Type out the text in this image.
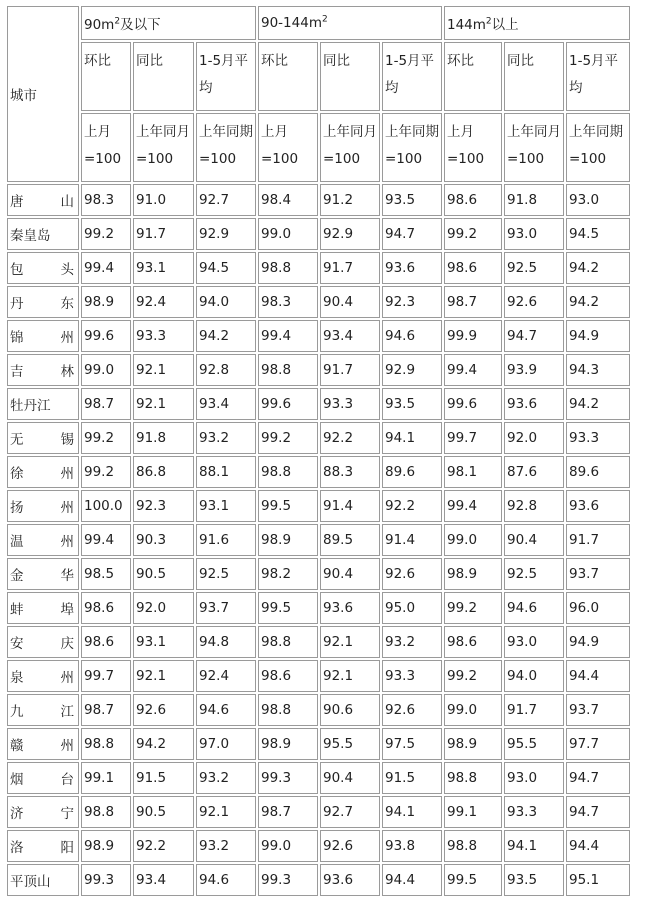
城市	$90m^2$及以下			$90-144m^2$			$144m^2$以上		
	环比	同比	1-5月平均	环比	同比	1-5月平均	环比	同比	1-5月平均
	上月=100	上年同月=100	上年同期=100	上月=100	上年同月=100	上年同期=100	上月=100	上年同月=100	上年同期=100

唐 山	98.3	91.0	92.7	98.4	91.2	93.5	98.6	91.8	93.0
秦皇岛	99.2	91.7	92.9	99.0	92.9	94.7	99.2	93.0	94.5

包 头	99.4	93.1	94.5	98.8	91.7	93.6	98.6	92.5	94.2

丹 东	98.9	92.4	94.0	98.3	90.4	92.3	98.7	92.6	94.2

锦 州	99.6	93.3	94.2	99.4	93.4	94.6	99.9	94.7	94.9

吉 林	99.0	92.1	92.8	98.8	91.7	92.9	99.4	93.9	94.3
牡丹江	98.7	92.1	93.4	99.6	93.3	93.5	99.6	93.6	94.2

无 锡	99.2	91.8	93.2	99.2	92.2	94.1	99.7	92.0	93.3

徐 州	99.2	86.8	88.1	98.8	88.3	89.6	98.1	87.6	89.6

扬 州	100.0	92.3	93.1	99.5	91.4	92.2	99.4	92.8	93.6

温 州	99.4	90.3	91.6	98.9	89.5	91.4	99.0	90.4	91.7

金 华	98.5	90.5	92.5	98.2	90.4	92.6	98.9	92.5	93.7

蚌 埠	98.6	92.0	93.7	99.5	93.6	95.0	99.2	94.6	96.0

安 庆	98.6	93.1	94.8	98.8	92.1	93.2	98.6	93.0	94.9

泉 州	99.7	92.1	92.4	98.6	92.1	93.3	99.2	94.0	94.4

九 江	98.7	92.6	94.6	98.8	90.6	92.6	99.0	91.7	93.7

赣 州	98.8	94.2	97.0	98.9	95.5	97.5	98.9	95.5	97.7

烟 台	99.1	91.5	93.2	99.3	90.4	91.5	98.8	93.0	94.7

济 宁	98.8	90.5	92.1	98.7	92.7	94.1	99.1	93.3	94.7

洛 阳	98.9	92.2	93.2	99.0	92.6	93.8	98.8	94.1	94.4
平顶山	99.3	93.4	94.6	99.3	93.6	94.4	99.5	93.5	95.1
